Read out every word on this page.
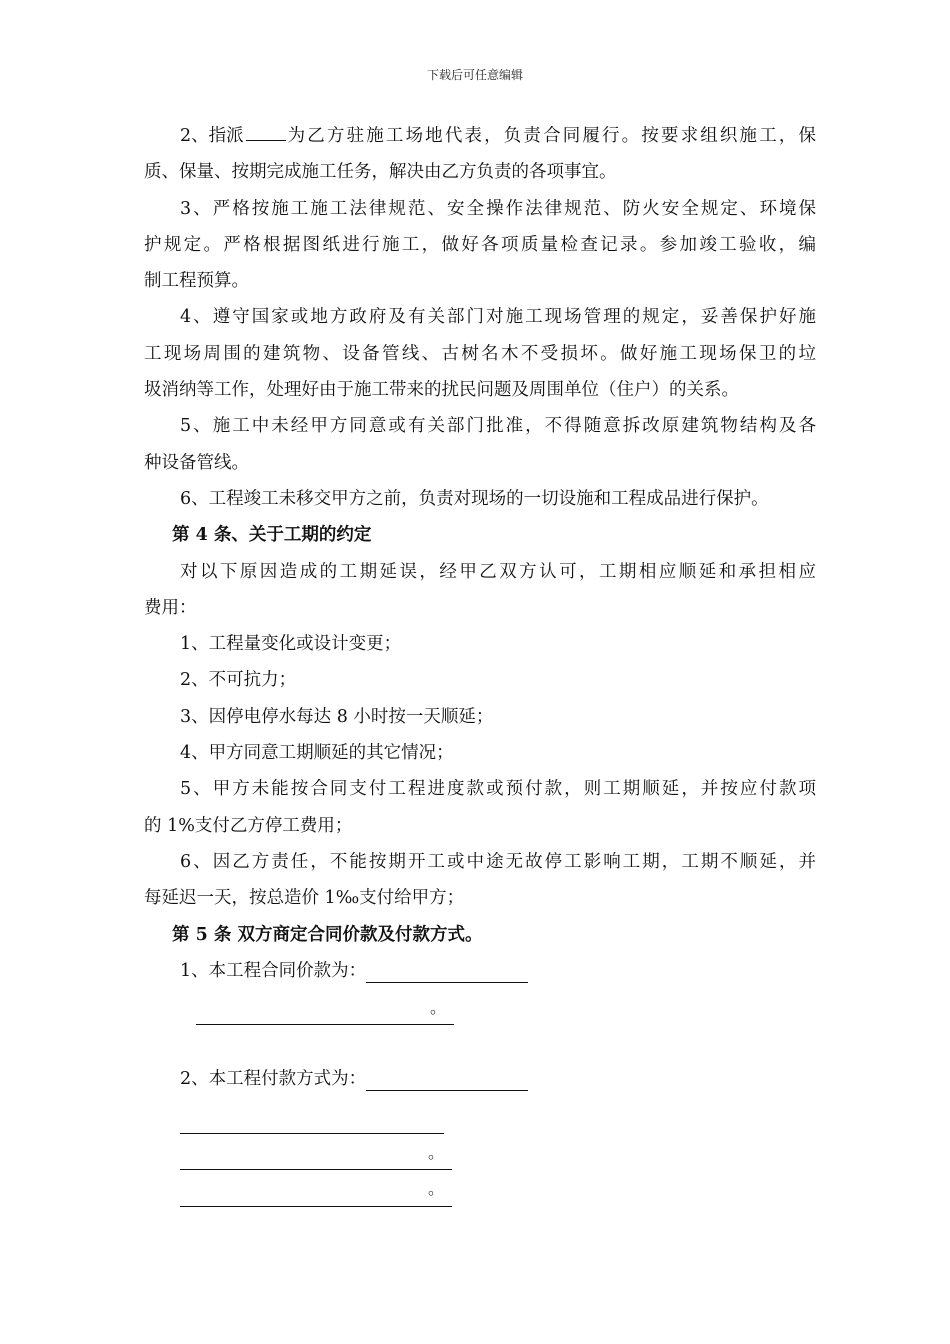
下载后可任意编辑
2、指派	为乙方驻施工场地代表，负责合同履行。按要求组织施工，保
质、保量、按期完成施工任务，解决由乙方负责的各项事宜。
3、严格按施工施工法律规范、安全操作法律规范、防火安全规定、环境保
护规定。严格根据图纸进行施工，做好各项质量检查记录。参加竣工验收，编
制工程预算。
4、遵守国家或地方政府及有关部门对施工现场管理的规定，妥善保护好施
工现场周围的建筑物、设备管线、古树名木不受损坏。做好施工现场保卫的垃
圾消纳等工作，处理好由于施工带来的扰民问题及周围单位（住户）的关系。
5、施工中未经甲方同意或有关部门批准，不得随意拆改原建筑物结构及各
种设备管线。
6、工程竣工未移交甲方之前，负责对现场的一切设施和工程成品进行保护。
第 4 条、关于工期的约定
对以下原因造成的工期延误，经甲乙双方认可，工期相应顺延和承担相应
费用：
1、工程量变化或设计变更；
2、不可抗力；
3、因停电停水每达 8 小时按一天顺延；
4、甲方同意工期顺延的其它情况；
5、甲方未能按合同支付工程进度款或预付款，则工期顺延，并按应付款项
的 1%支付乙方停工费用；
6、因乙方责任，不能按期开工或中途无故停工影响工期，工期不顺延，并
每延迟一天，按总造价 1‰支付给甲方；
第 5 条 双方商定合同价款及付款方式。
1、本工程合同价款为：
。
2、本工程付款方式为：
。
。
